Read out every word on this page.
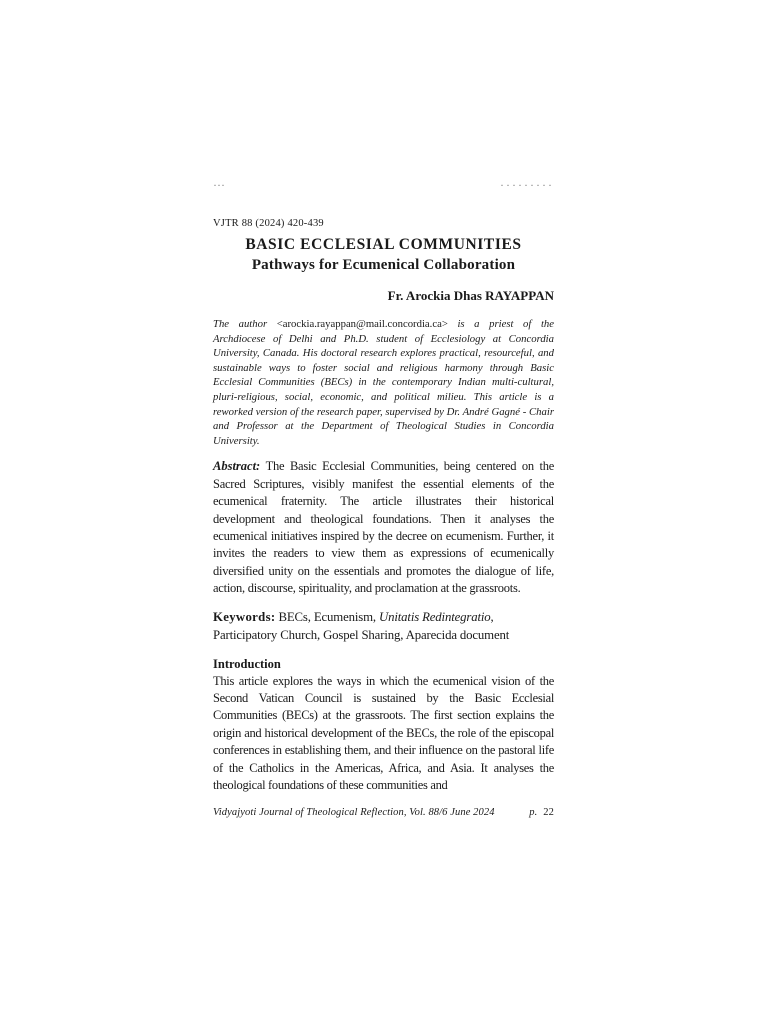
···	·········
VJTR 88 (2024) 420-439
BASIC ECCLESIAL COMMUNITIES
Pathways for Ecumenical Collaboration
Fr. Arockia Dhas RAYAPPAN
The author <arockia.rayappan@mail.concordia.ca> is a priest of the Archdiocese of Delhi and Ph.D. student of Ecclesiology at Concordia University, Canada. His doctoral research explores practical, resourceful, and sustainable ways to foster social and religious harmony through Basic Ecclesial Communities (BECs) in the contemporary Indian multi-cultural, pluri-religious, social, economic, and political milieu. This article is a reworked version of the research paper, supervised by Dr. André Gagné - Chair and Professor at the Department of Theological Studies in Concordia University.
Abstract: The Basic Ecclesial Communities, being centered on the Sacred Scriptures, visibly manifest the essential elements of the ecumenical fraternity. The article illustrates their historical development and theological foundations. Then it analyses the ecumenical initiatives inspired by the decree on ecumenism. Further, it invites the readers to view them as expressions of ecumenically diversified unity on the essentials and promotes the dialogue of life, action, discourse, spirituality, and proclamation at the grassroots.
Keywords: BECs, Ecumenism, Unitatis Redintegratio, Participatory Church, Gospel Sharing, Aparecida document
Introduction
This article explores the ways in which the ecumenical vision of the Second Vatican Council is sustained by the Basic Ecclesial Communities (BECs) at the grassroots. The first section explains the origin and historical development of the BECs, the role of the episcopal conferences in establishing them, and their influence on the pastoral life of the Catholics in the Americas, Africa, and Asia. It analyses the theological foundations of these communities and
Vidyajyoti Journal of Theological Reflection, Vol. 88/6 June 2024	p. 22
